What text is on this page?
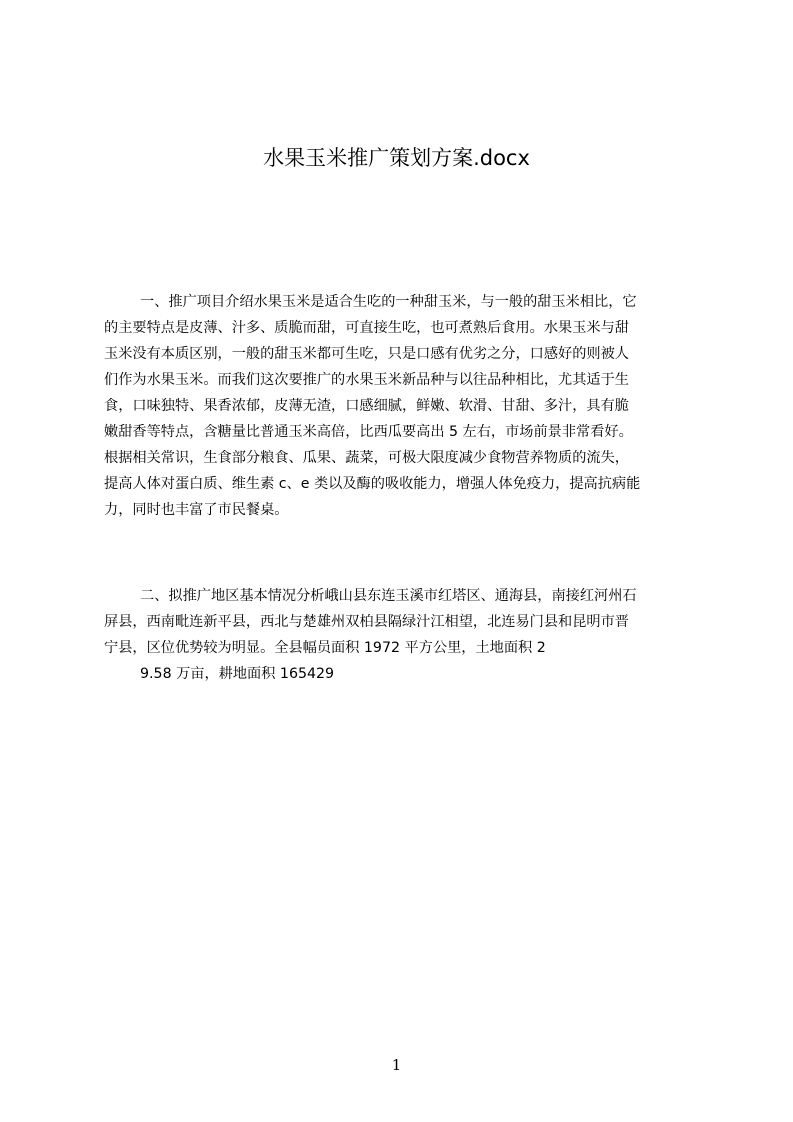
水果玉米推广策划方案.docx
一、推广项目介绍水果玉米是适合生吃的一种甜玉米，与一般的甜玉米相比，它
的主要特点是皮薄、汁多、质脆而甜，可直接生吃，也可煮熟后食用。水果玉米与甜
玉米没有本质区别，一般的甜玉米都可生吃，只是口感有优劣之分，口感好的则被人
们作为水果玉米。而我们这次要推广的水果玉米新品种与以往品种相比，尤其适于生
食，口味独特、果香浓郁，皮薄无渣，口感细腻，鲜嫩、软滑、甘甜、多汁，具有脆
嫩甜香等特点，含糖量比普通玉米高倍，比西瓜要高出 5 左右，市场前景非常看好。
根据相关常识，生食部分粮食、瓜果、蔬菜，可极大限度减少食物营养物质的流失，
提高人体对蛋白质、维生素 c、e 类以及酶的吸收能力，增强人体免疫力，提高抗病能
力，同时也丰富了市民餐桌。
二、拟推广地区基本情况分析峨山县东连玉溪市红塔区、通海县，南接红河州石
屏县，西南毗连新平县，西北与楚雄州双柏县隔绿汁江相望，北连易门县和昆明市晋
宁县，区位优势较为明显。全县幅员面积 1972 平方公里，土地面积 2
9.58 万亩，耕地面积 165429
1
